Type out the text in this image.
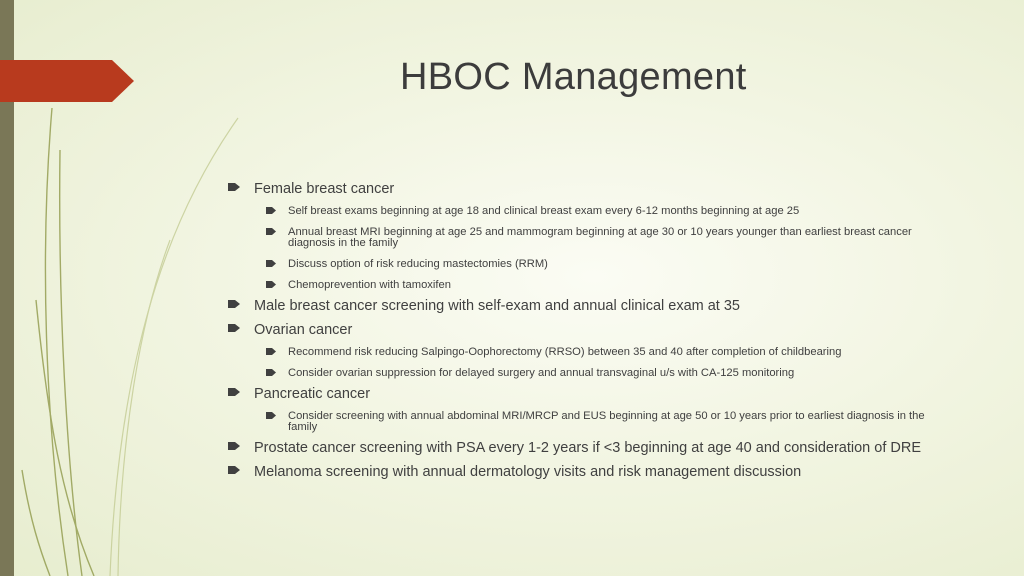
HBOC Management
Female breast cancer
Self breast exams beginning at age 18 and clinical breast exam every 6-12 months beginning at age 25
Annual breast MRI beginning at age 25 and mammogram beginning at age 30 or 10 years younger than earliest breast cancer diagnosis in the family
Discuss option of risk reducing mastectomies (RRM)
Chemoprevention with tamoxifen
Male breast cancer screening with self-exam and annual clinical exam at 35
Ovarian cancer
Recommend risk reducing Salpingo-Oophorectomy (RRSO) between 35 and 40 after completion of childbearing
Consider ovarian suppression for delayed surgery and annual transvaginal u/s with CA-125 monitoring
Pancreatic cancer
Consider screening with annual abdominal MRI/MRCP and EUS beginning at age 50 or 10 years prior to earliest diagnosis in the family
Prostate cancer screening with PSA every 1-2 years if <3 beginning at age 40 and consideration of DRE
Melanoma screening with annual dermatology visits and risk management discussion
